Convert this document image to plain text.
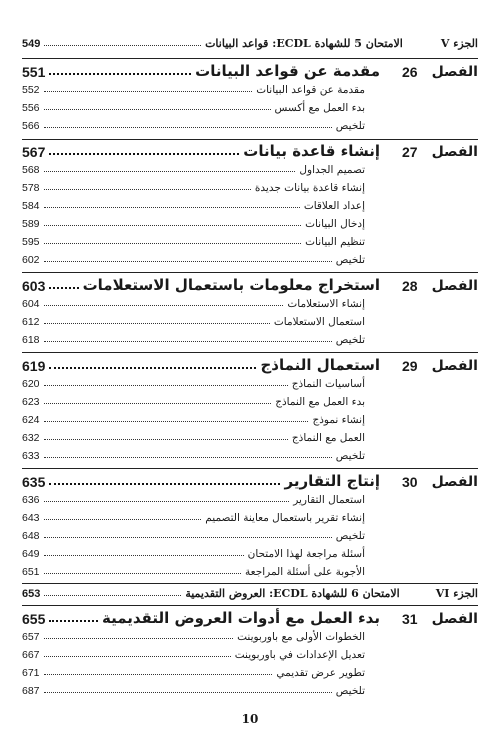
549	الامتحان 5 للشهادة ECDL: قواعد البيانات	الجزء V
551	مقدمة عن قواعد البيانات 26 الفصل
552	مقدمة عن قواعد البيانات
556	بدء العمل مع أكسس
566	تلخيص
567	إنشاء قاعدة بيانات 27 الفصل
568	تصميم الجداول
578	إنشاء قاعدة بيانات جديدة
584	إعداد العلاقات
589	إدخال البيانات
595	تنظيم البيانات
602	تلخيص
603 استخراج معلومات باستعمال الاستعلامات 28 الفصل
604	إنشاء الاستعلامات
612	استعمال الاستعلامات
618	تلخيص
619	استعمال النماذج 29 الفصل
620	أساسيات النماذج
623	بدء العمل مع النماذج
624	إنشاء نموذج
632	العمل مع النماذج
633	تلخيص
635	إنتاج التقارير 30 الفصل
636	استعمال التقارير
643	إنشاء تقرير باستعمال معاينة التصميم
648	تلخيص
649	أسئلة مراجعة لهذا الامتحان
651	الأجوبة على أسئلة المراجعة
653	الامتحان 6 للشهادة ECDL: العروض التقديمية	الجزء VI
655	بدء العمل مع أدوات العروض التقديمية 31 الفصل
657	الخطوات الأولى مع باوربوينت
667	تعديل الإعدادات في باوربوينت
671	تطوير عرض تقديمي
687	تلخيص
10
